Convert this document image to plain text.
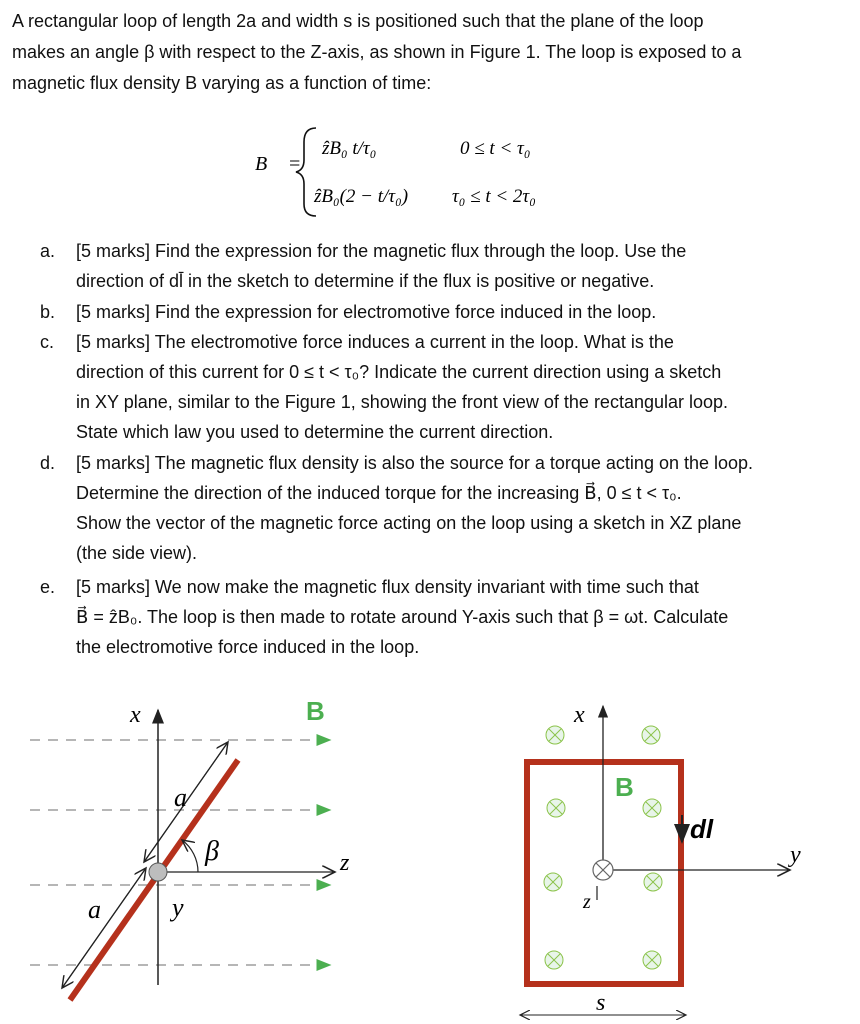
A rectangular loop of length 2a and width s is positioned such that the plane of the loop
makes an angle β with respect to the Z-axis, as shown in Figure 1. The loop is exposed to a
magnetic flux density B varying as a function of time:
B⃗ =
ẑB₀ t/τ₀	0 ≤ t < τ₀
ẑB₀(2 − t/τ₀) τ₀ ≤ t < 2τ₀
a. [5 marks] Find the expression for the magnetic flux through the loop. Use the
direction of dl̄ in the sketch to determine if the flux is positive or negative.
b. [5 marks] Find the expression for electromotive force induced in the loop.
c. [5 marks] The electromotive force induces a current in the loop. What is the
direction of this current for 0 ≤ t < τ₀? Indicate the current direction using a sketch
in XY plane, similar to the Figure 1, showing the front view of the rectangular loop.
State which law you used to determine the current direction.
d. [5 marks] The magnetic flux density is also the source for a torque acting on the loop.
Determine the direction of the induced torque for the increasing B⃗, 0 ≤ t < τ₀.
Show the vector of the magnetic force acting on the loop using a sketch in XZ plane
(the side view).
e. [5 marks] We now make the magnetic flux density invariant with time such that
B⃗ = ẑB₀. The loop is then made to rotate around Y-axis such that β = ωt. Calculate
the electromotive force induced in the loop.
x	B
z
a
a
β
y
x
y
z
B
dl
s
